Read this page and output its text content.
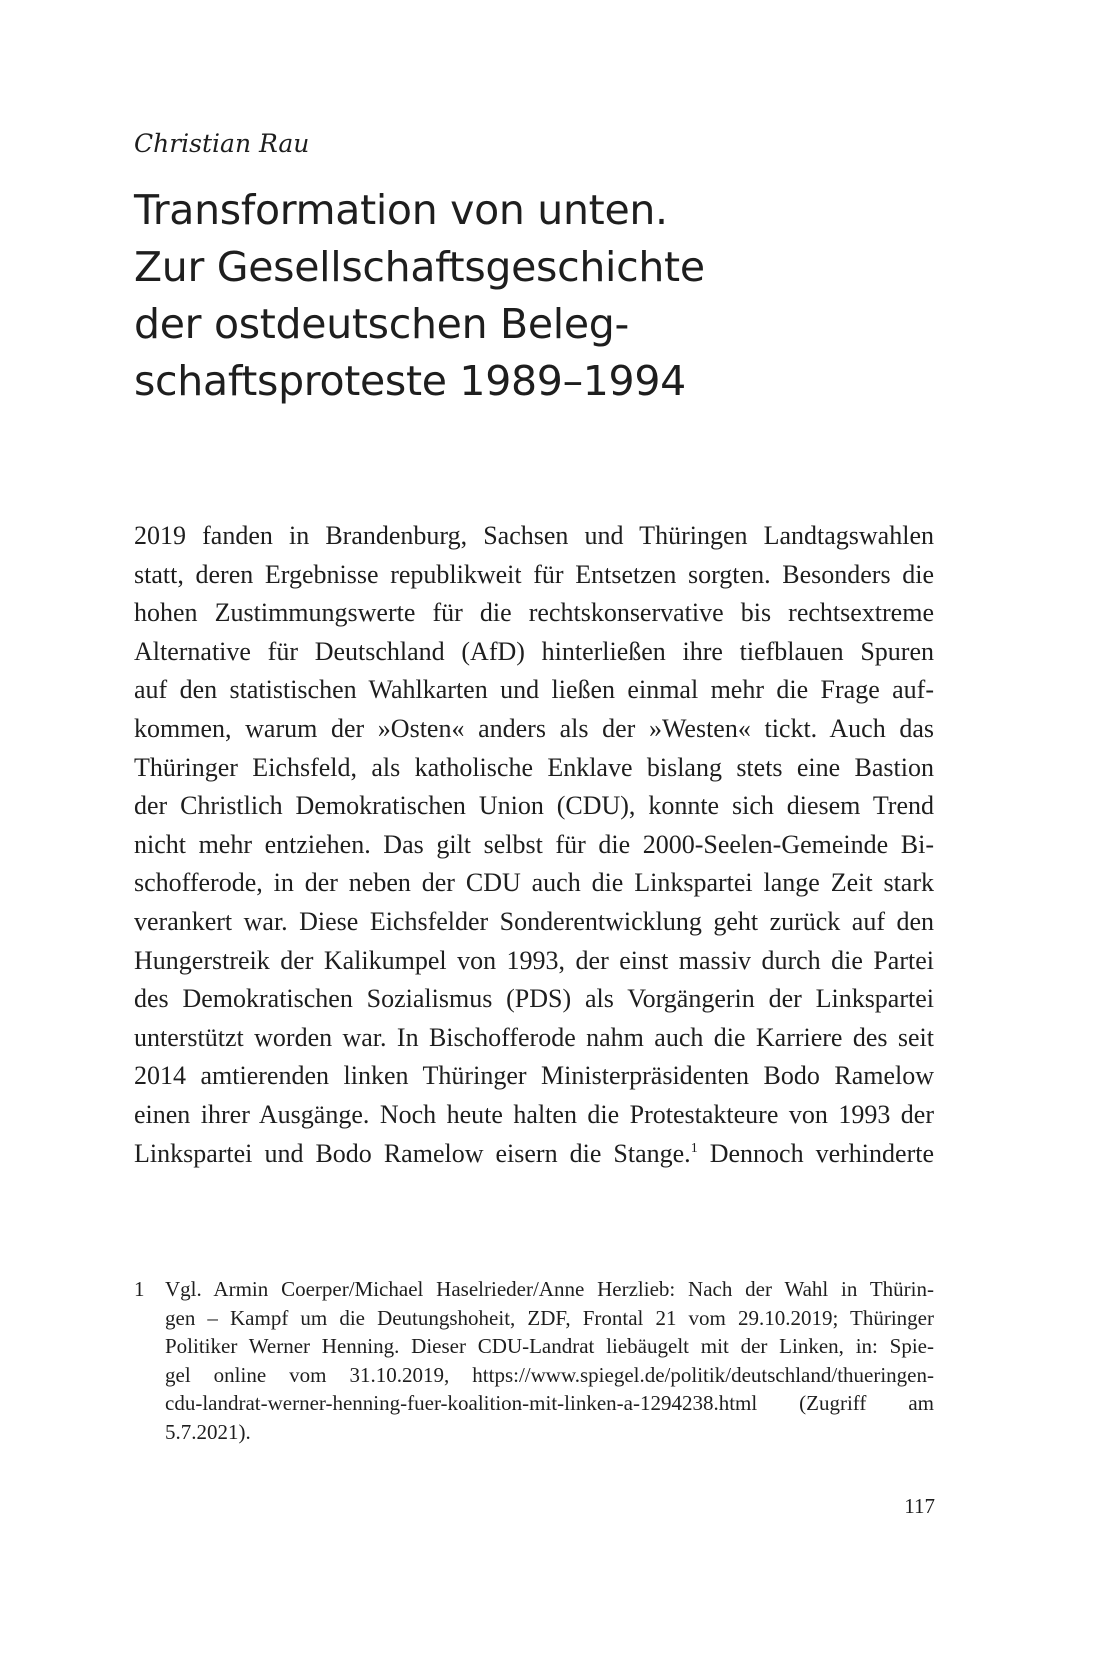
Christian Rau
Transformation von unten.
Zur Gesellschaftsgeschichte
der ostdeutschen Beleg-
schaftsproteste 1989–1994
2019 fanden in Brandenburg, Sachsen und Thüringen Landtagswahlen
statt, deren Ergebnisse republikweit für Entsetzen sorgten. Besonders die
hohen Zustimmungswerte für die rechtskonservative bis rechtsextreme
Alternative für Deutschland (AfD) hinterließen ihre tiefblauen Spuren
auf den statistischen Wahlkarten und ließen einmal mehr die Frage auf-
kommen, warum der »Osten« anders als der »Westen« tickt. Auch das
Thüringer Eichsfeld, als katholische Enklave bislang stets eine Bastion
der Christlich Demokratischen Union (CDU), konnte sich diesem Trend
nicht mehr entziehen. Das gilt selbst für die 2000-Seelen-Gemeinde Bi-
schofferode, in der neben der CDU auch die Linkspartei lange Zeit stark
verankert war. Diese Eichsfelder Sonderentwicklung geht zurück auf den
Hungerstreik der Kalikumpel von 1993, der einst massiv durch die Partei
des Demokratischen Sozialismus (PDS) als Vorgängerin der Linkspartei
unterstützt worden war. In Bischofferode nahm auch die Karriere des seit
2014 amtierenden linken Thüringer Ministerpräsidenten Bodo Ramelow
einen ihrer Ausgänge. Noch heute halten die Protestakteure von 1993 der
Linkspartei und Bodo Ramelow eisern die Stange.$^1$ Dennoch verhinderte
1 Vgl. Armin Coerper/Michael Haselrieder/Anne Herzlieb: Nach der Wahl in Thürin-
gen – Kampf um die Deutungshoheit, ZDF, Frontal 21 vom 29.10.2019; Thüringer
Politiker Werner Henning. Dieser CDU-Landrat liebäugelt mit der Linken, in: Spie-
gel online vom 31.10.2019, https://www.spiegel.de/politik/deutschland/thueringen-
cdu-landrat-werner-henning-fuer-koalition-mit-linken-a-1294238.html (Zugriff am
5.7.2021).
117
